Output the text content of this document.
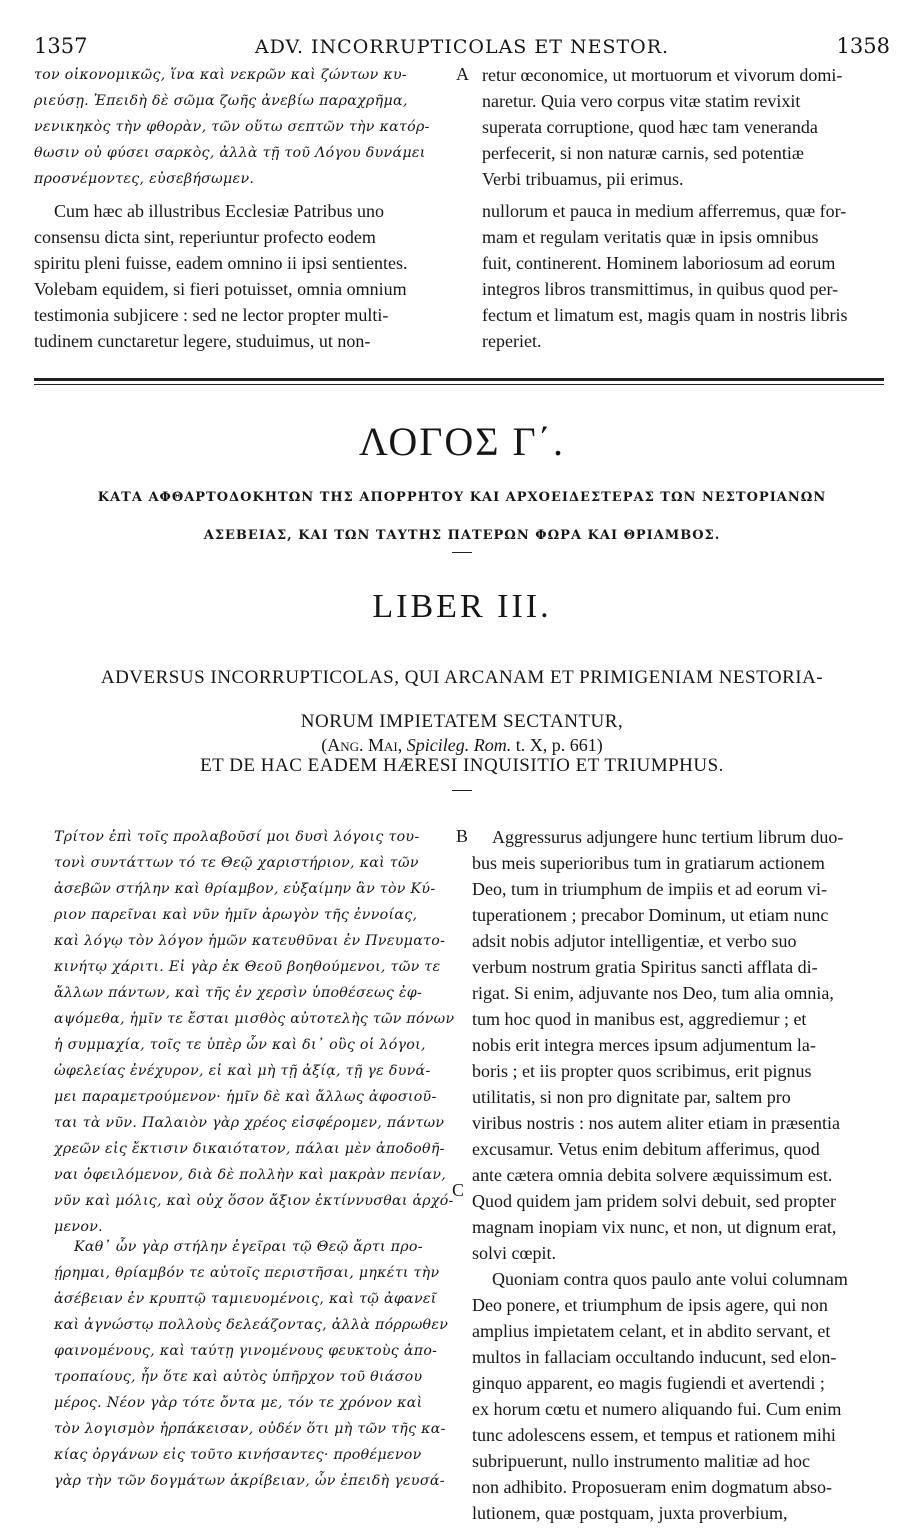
1357	ADV. INCORRUPTICOLAS ET NESTOR.	1358

τον οἰκονομικῶς, ἵνα καὶ νεκρῶν καὶ ζώντων κυ-

ριεύσῃ. Ἐπειδὴ δὲ σῶμα ζωῆς ἀνεβίω παραχρῆμα,

νενικηκὸς τὴν φθορὰν, τῶν οὕτω σεπτῶν τὴν κατόρ-

θωσιν οὐ φύσει σαρκὸς, ἀλλὰ τῇ τοῦ Λόγου δυνάμει

προσνέμοντες, εὐσεβήσωμεν.

Cum hæc ab illustribus Ecclesiæ Patribus uno

consensu dicta sint, reperiuntur profecto eodem

spiritu pleni fuisse, eadem omnino ii ipsi sentientes.

Volebam equidem, si fieri potuisset, omnia omnium

testimonia subjicere : sed ne lector propter multi-

tudinem cunctaretur legere, studuimus, ut non-

A retur œconomice, ut mortuorum et vivorum domi-

naretur. Quia vero corpus vitæ statim revixit

superata corruptione, quod hæc tam veneranda

perfecerit, si non naturæ carnis, sed potentiæ

Verbi tribuamus, pii erimus.

nullorum et pauca in medium afferremus, quæ for-

mam et regulam veritatis quæ in ipsis omnibus

fuit, continerent. Hominem laboriosum ad eorum

integros libros transmittimus, in quibus quod per-

fectum et limatum est, magis quam in nostris libris

reperiet.

ΛΟΓΟΣ Γ΄.

ΚΑΤΑ ΑΦΘΑΡΤΟΔΟΚΗΤΩΝ ΤΗΣ ΑΠΟΡΡΗΤΟΥ ΚΑΙ ΑΡΧΟΕΙΔΕΣΤΕΡΑΣ ΤΩΝ ΝΕΣΤΟΡΙΑΝΩΝ

ΑΣΕΒΕΙΑΣ, ΚΑΙ ΤΩΝ ΤΑΥΤΗΣ ΠΑΤΕΡΩΝ ΦΩΡΑ ΚΑΙ ΘΡΙΑΜΒΟΣ.

LIBER III.

ADVERSUS INCORRUPTICOLAS, QUI ARCANAM ET PRIMIGENIAM NESTORIA-

NORUM IMPIETATEM SECTANTUR,

ET DE HAC EADEM HÆRESI INQUISITIO ET TRIUMPHUS.

(Ang. Mai, Spicileg. Rom. t. X, p. 661)

Τρίτον ἐπὶ τοῖς προλαβοῦσί μοι δυσὶ λόγοις του-

τονὶ συντάττων τό τε Θεῷ χαριστήριον, καὶ τῶν

ἀσεβῶν στήλην καὶ θρίαμβον, εὐξαίμην ἂν τὸν Κύ-

ριον παρεῖναι καὶ νῦν ἡμῖν ἀρωγὸν τῆς ἐννοίας,

καὶ λόγῳ τὸν λόγον ἡμῶν κατευθῦναι ἐν Πνευματο-

κινήτῳ χάριτι. Εἰ γὰρ ἐκ Θεοῦ βοηθούμενοι, τῶν τε

ἄλλων πάντων, καὶ τῆς ἐν χερσὶν ὑποθέσεως ἐφ-

αψόμεθα, ἡμῖν τε ἔσται μισθὸς αὐτοτελὴς τῶν πόνων

ἡ συμμαχία, τοῖς τε ὑπὲρ ὧν καὶ δι᾽ οὓς οἱ λόγοι,

ὠφελείας ἐνέχυρον, εἰ καὶ μὴ τῇ ἀξίᾳ, τῇ γε δυνά-

μει παραμετρούμενον· ἡμῖν δὲ καὶ ἄλλως ἀφοσιοῦ-

ται τὰ νῦν. Παλαιὸν γὰρ χρέος εἰσφέρομεν, πάντων

χρεῶν εἰς ἔκτισιν δικαιότατον, πάλαι μὲν ἀποδοθῆ-

ναι ὀφειλόμενον, διὰ δὲ πολλὴν καὶ μακρὰν πενίαν,

νῦν καὶ μόλις, καὶ οὐχ ὅσον ἄξιον ἐκτίννυσθαι ἀρχό-

μενον.

Καθ᾽ ὧν γὰρ στήλην ἐγεῖραι τῷ Θεῷ ἄρτι προ-

ῄρημαι, θρίαμβόν τε αὐτοῖς περιστῆσαι, μηκέτι τὴν

ἀσέβειαν ἐν κρυπτῷ ταμιευομένοις, καὶ τῷ ἀφανεῖ

καὶ ἀγνώστῳ πολλοὺς δελεάζοντας, ἀλλὰ πόρρωθεν

φαινομένους, καὶ ταύτῃ γινομένους φευκτοὺς ἀπο-

τροπαίους, ἦν ὅτε καὶ αὐτὸς ὑπῆρχον τοῦ θιάσου

μέρος. Νέον γὰρ τότε ὄντα με, τόν τε χρόνον καὶ

τὸν λογισμὸν ἡρπάκεισαν, οὐδέν ὅτι μὴ τῶν τῆς κα-

κίας ὀργάνων εἰς τοῦτο κινήσαντες· προθέμενον

γὰρ τὴν τῶν δογμάτων ἀκρίβειαν, ὧν ἐπειδὴ γευσά-

B
C

Aggressurus adjungere hunc tertium librum duo-

bus meis superioribus tum in gratiarum actionem

Deo, tum in triumphum de impiis et ad eorum vi-

tuperationem ; precabor Dominum, ut etiam nunc

adsit nobis adjutor intelligentiæ, et verbo suo

verbum nostrum gratia Spiritus sancti afflata di-

rigat. Si enim, adjuvante nos Deo, tum alia omnia,

tum hoc quod in manibus est, aggrediemur ; et

nobis erit integra merces ipsum adjumentum la-

boris ; et iis propter quos scribimus, erit pignus

utilitatis, si non pro dignitate par, saltem pro

viribus nostris : nos autem aliter etiam in præsentia

excusamur. Vetus enim debitum afferimus, quod

ante cætera omnia debita solvere æquissimum est.

Quod quidem jam pridem solvi debuit, sed propter

magnam inopiam vix nunc, et non, ut dignum erat,

solvi cœpit.

Quoniam contra quos paulo ante volui columnam

Deo ponere, et triumphum de ipsis agere, qui non

amplius impietatem celant, et in abdito servant, et

multos in fallaciam occultando inducunt, sed elon-

ginquo apparent, eo magis fugiendi et avertendi ;

ex horum cœtu et numero aliquando fui. Cum enim

tunc adolescens essem, et tempus et rationem mihi

subripuerunt, nullo instrumento malitiæ ad hoc

non adhibito. Proposueram enim dogmatum abso-

lutionem, quæ postquam, juxta proverbium,
